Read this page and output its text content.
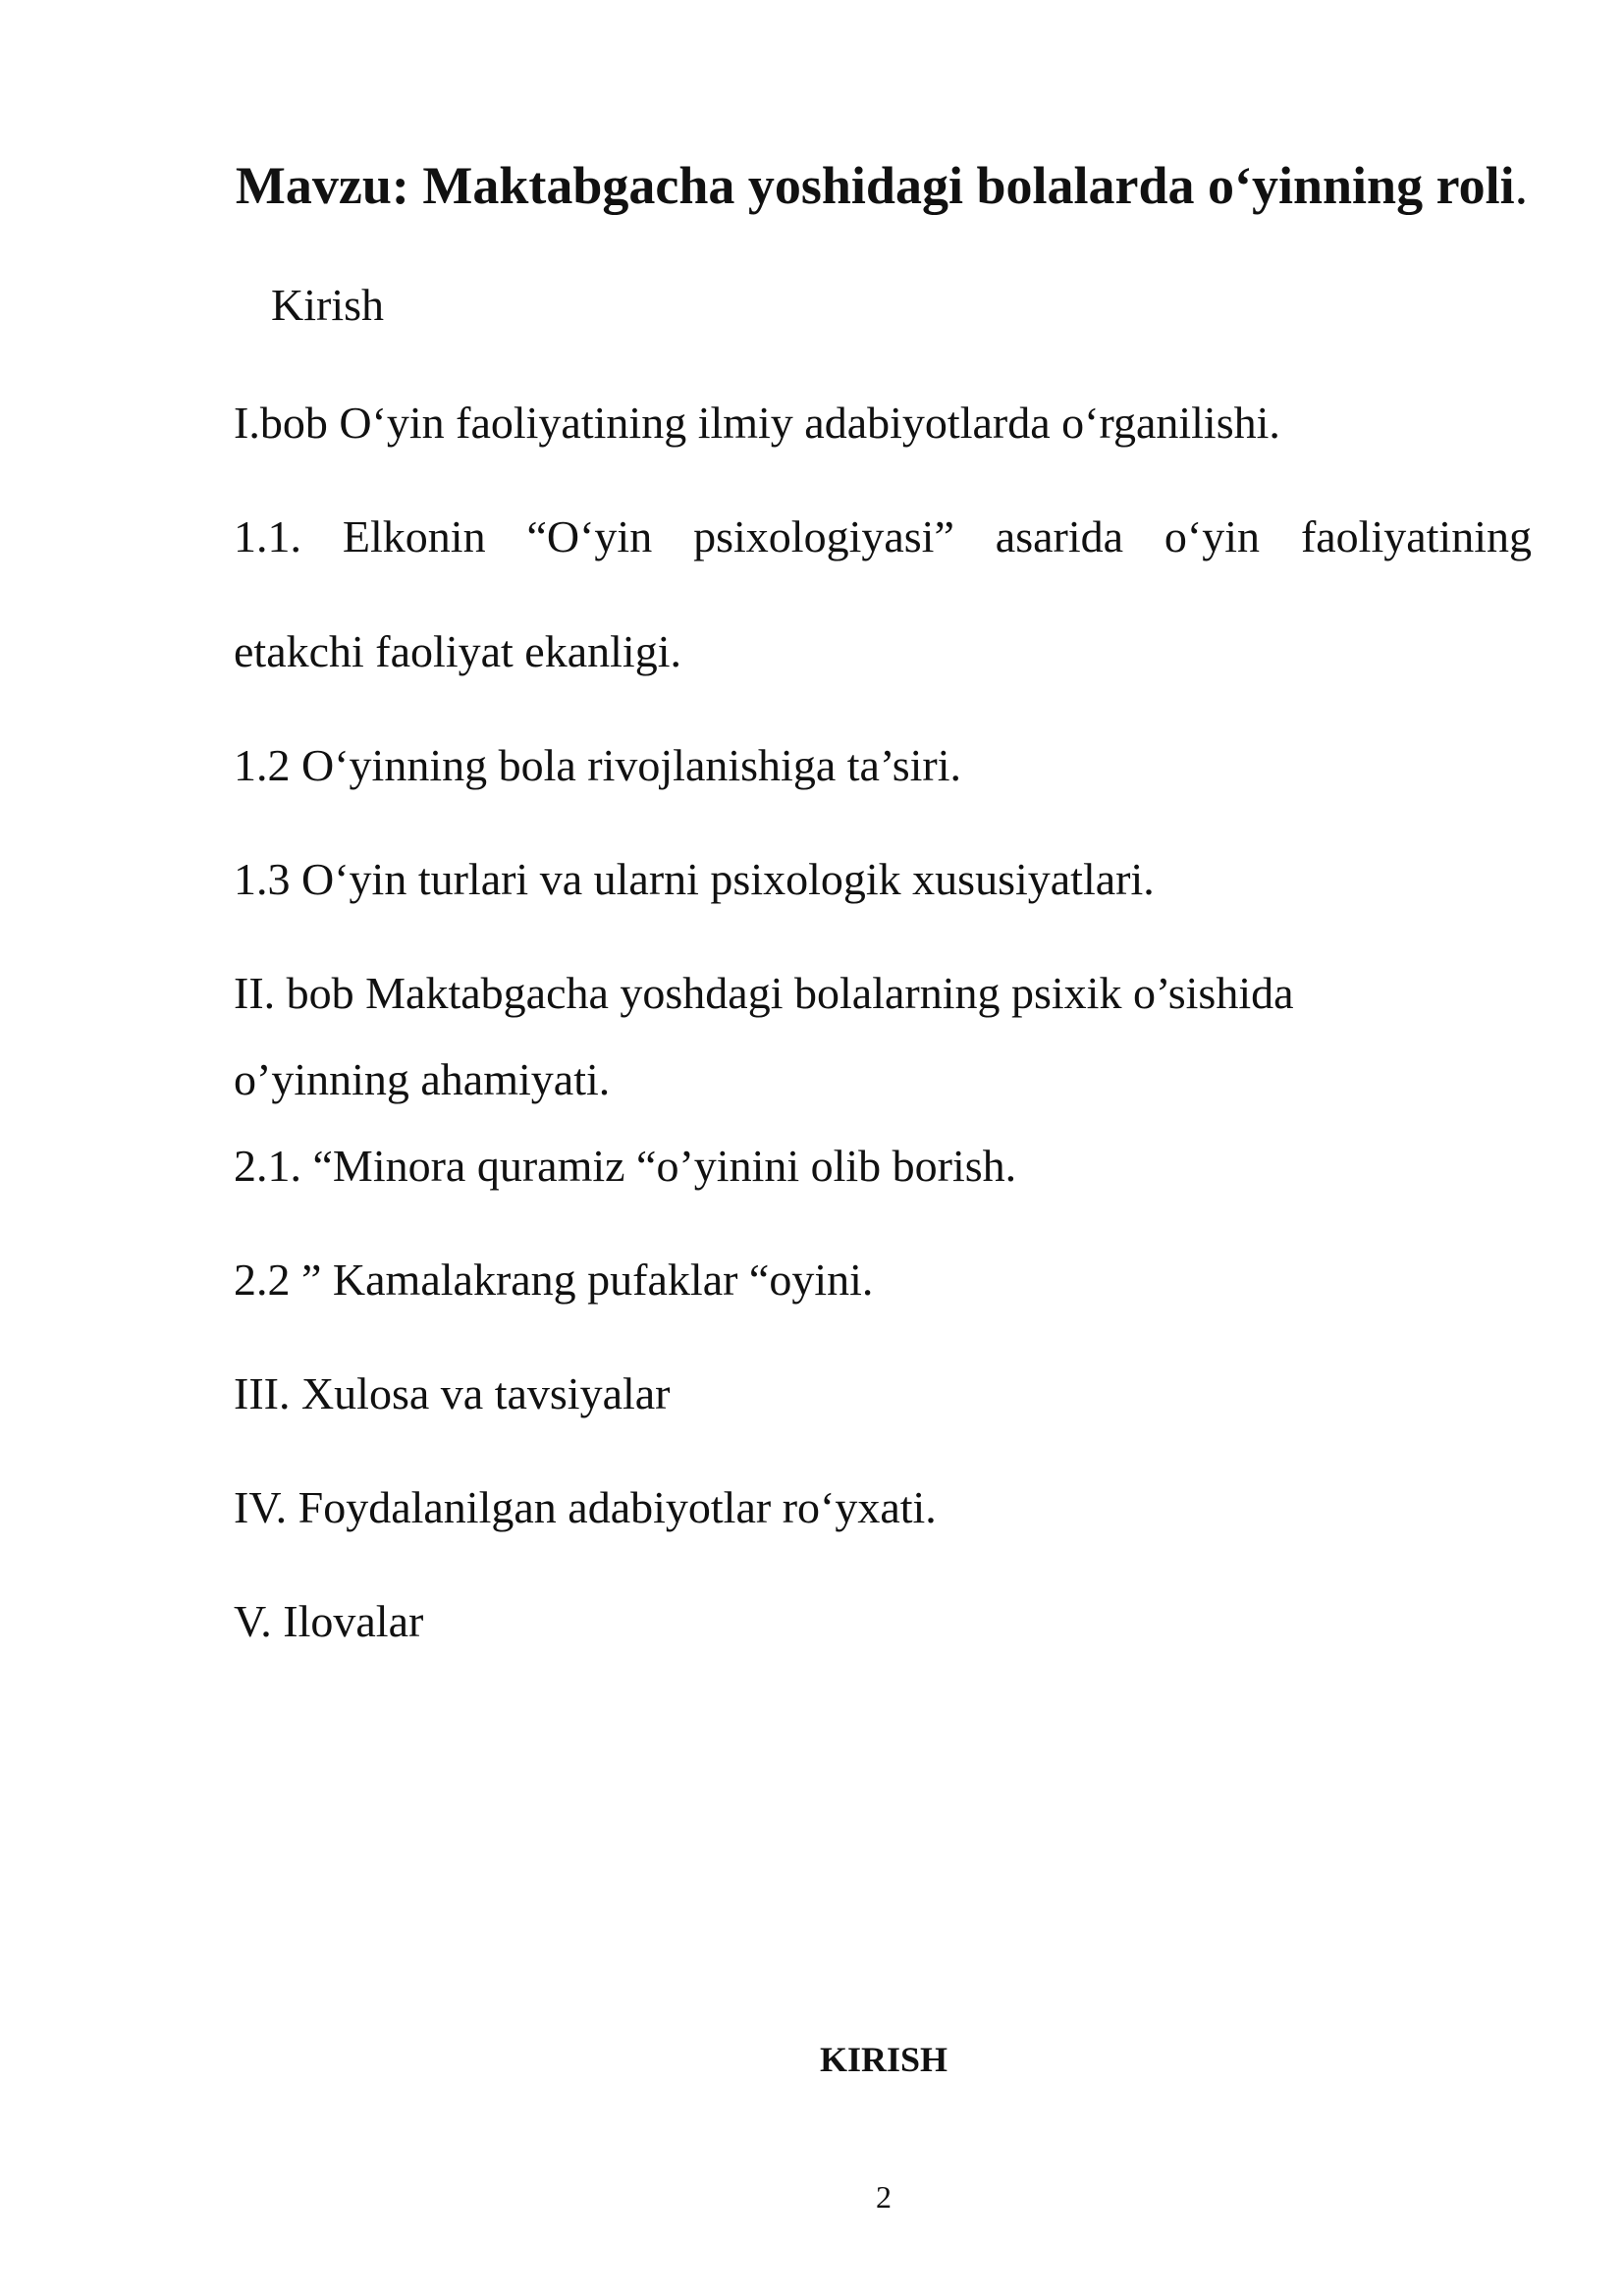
Mavzu: Maktabgacha yoshidagi bolalarda o‘yinning roli.

Kirish

I.bob O‘yin faoliyatining ilmiy adabiyotlarda o‘rganilishi.

1.1. Elkonin “O‘yin psixologiyasi” asarida o‘yin faoliyatining

etakchi faoliyat ekanligi.

1.2 O‘yinning bola rivojlanishiga ta’siri.

1.3 O‘yin turlari va ularni psixologik xususiyatlari.

II. bob Maktabgacha yoshdagi bolalarning psixik o’sishida

o’yinning ahamiyati.

2.1. “Minora quramiz “o’yinini olib borish.

2.2 ” Kamalakrang pufaklar “oyini.

III. Xulosa va tavsiyalar

IV. Foydalanilgan adabiyotlar ro‘yxati.

V. Ilovalar

KIRISH
2
